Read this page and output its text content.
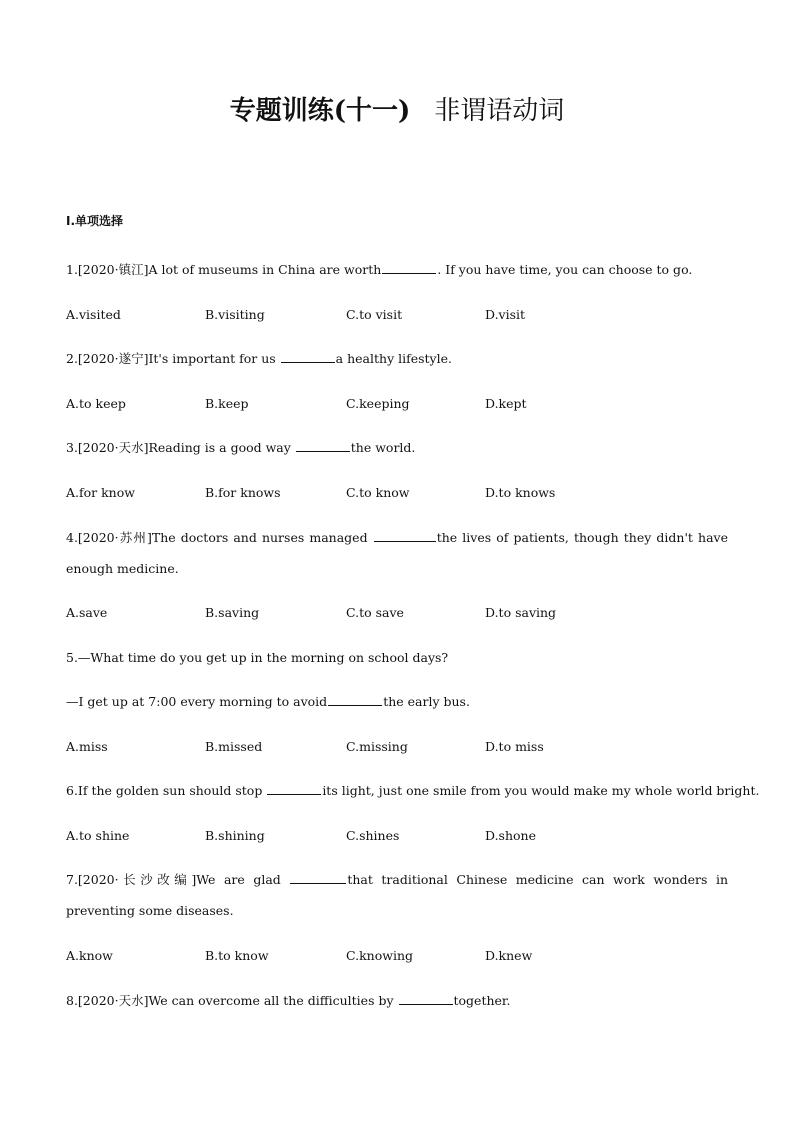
专题训练(十一) 非谓语动词
Ⅰ.单项选择
1.[2020·镇江]A lot of museums in China are worth	. If you have time, you can choose to go.
A.visited	B.visiting	C.to visit	D.visit
2.[2020·遂宁]It's important for us	a healthy lifestyle.
A.to keep	B.keep	C.keeping	D.kept
3.[2020·天水]Reading is a good way	the world.
A.for know	B.for knows	C.to know	D.to knows
4.[2020·苏州]The doctors and nurses managed	the lives of patients, though they didn't have enough medicine.
A.save	B.saving	C.to save	D.to saving
5.—What time do you get up in the morning on school days?
—I get up at 7:00 every morning to avoid	the early bus.
A.miss	B.missed	C.missing	D.to miss
6.If the golden sun should stop	its light, just one smile from you would make my whole world bright.
A.to shine	B.shining	C.shines	D.shone
7.[2020·长沙改编]We are glad	that traditional Chinese medicine can work wonders in preventing some diseases.
A.know	B.to know	C.knowing	D.knew
8.[2020·天水]We can overcome all the difficulties by	together.
